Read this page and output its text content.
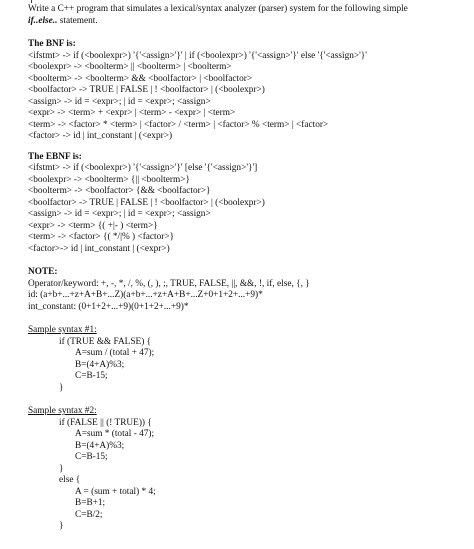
Write a C++ program that simulates a lexical/syntax analyzer (parser) system for the following simple
if..else.. statement.
The BNF is:
<ifstmt> -> if (<boolexpr>) '{'<assign>'}' | if (<boolexpr>) '{'<assign>'}' else '{'<assign>'}'
<boolexpr> -> <boolterm> || <boolterm> | <boolterm>
<boolterm> -> <boolterm> && <boolfactor> | <boolfactor>
<boolfactor> -> TRUE | FALSE | ! <boolfactor> | (<boolexpr>)
<assign> -> id = <expr>; | id = <expr>; <assign>
<expr> -> <term> + <expr> | <term> - <expr> | <term>
<term> -> <factor> * <term> | <factor> / <term> | <factor> % <term> | <factor>
<factor> -> id | int_constant | (<expr>)
The EBNF is:
<ifstmt> -> if (<boolexpr>) '{'<assign>'}' [else '{'<assign>'}']
<boolexpr> -> <boolterm> {|| <boolterm>}
<boolterm> -> <boolfactor> {&& <boolfactor>}
<boolfactor> -> TRUE | FALSE | ! <boolfactor> | (<boolexpr>)
<assign> -> id = <expr>; | id = <expr>; <assign>
<expr> -> <term> {( +|- ) <term>}
<term> -> <factor> {( */|% ) <factor>}
<factor>-> id | int_constant | (<expr>)
NOTE:
Operator/keyword: +, -, *, /, %, (, ), ;, TRUE, FALSE, ||, &&, !, if, else, {, }
id: (a+b+...+z+A+B+...Z)(a+b+...+z+A+B+...Z+0+1+2+...+9)*
int_constant: (0+1+2+...+9)(0+1+2+...+9)*
Sample syntax #1:
if (TRUE && FALSE) {
A=sum / (total + 47);
B=(4+A)%3;
C=B-15;
}
Sample syntax #2:
if (FALSE || (! TRUE)) {
A=sum * (total - 47);
B=(4+A)%3;
C=B-15;
}
else {
A = (sum + total) * 4;
B=B+1;
C=B/2;
}
